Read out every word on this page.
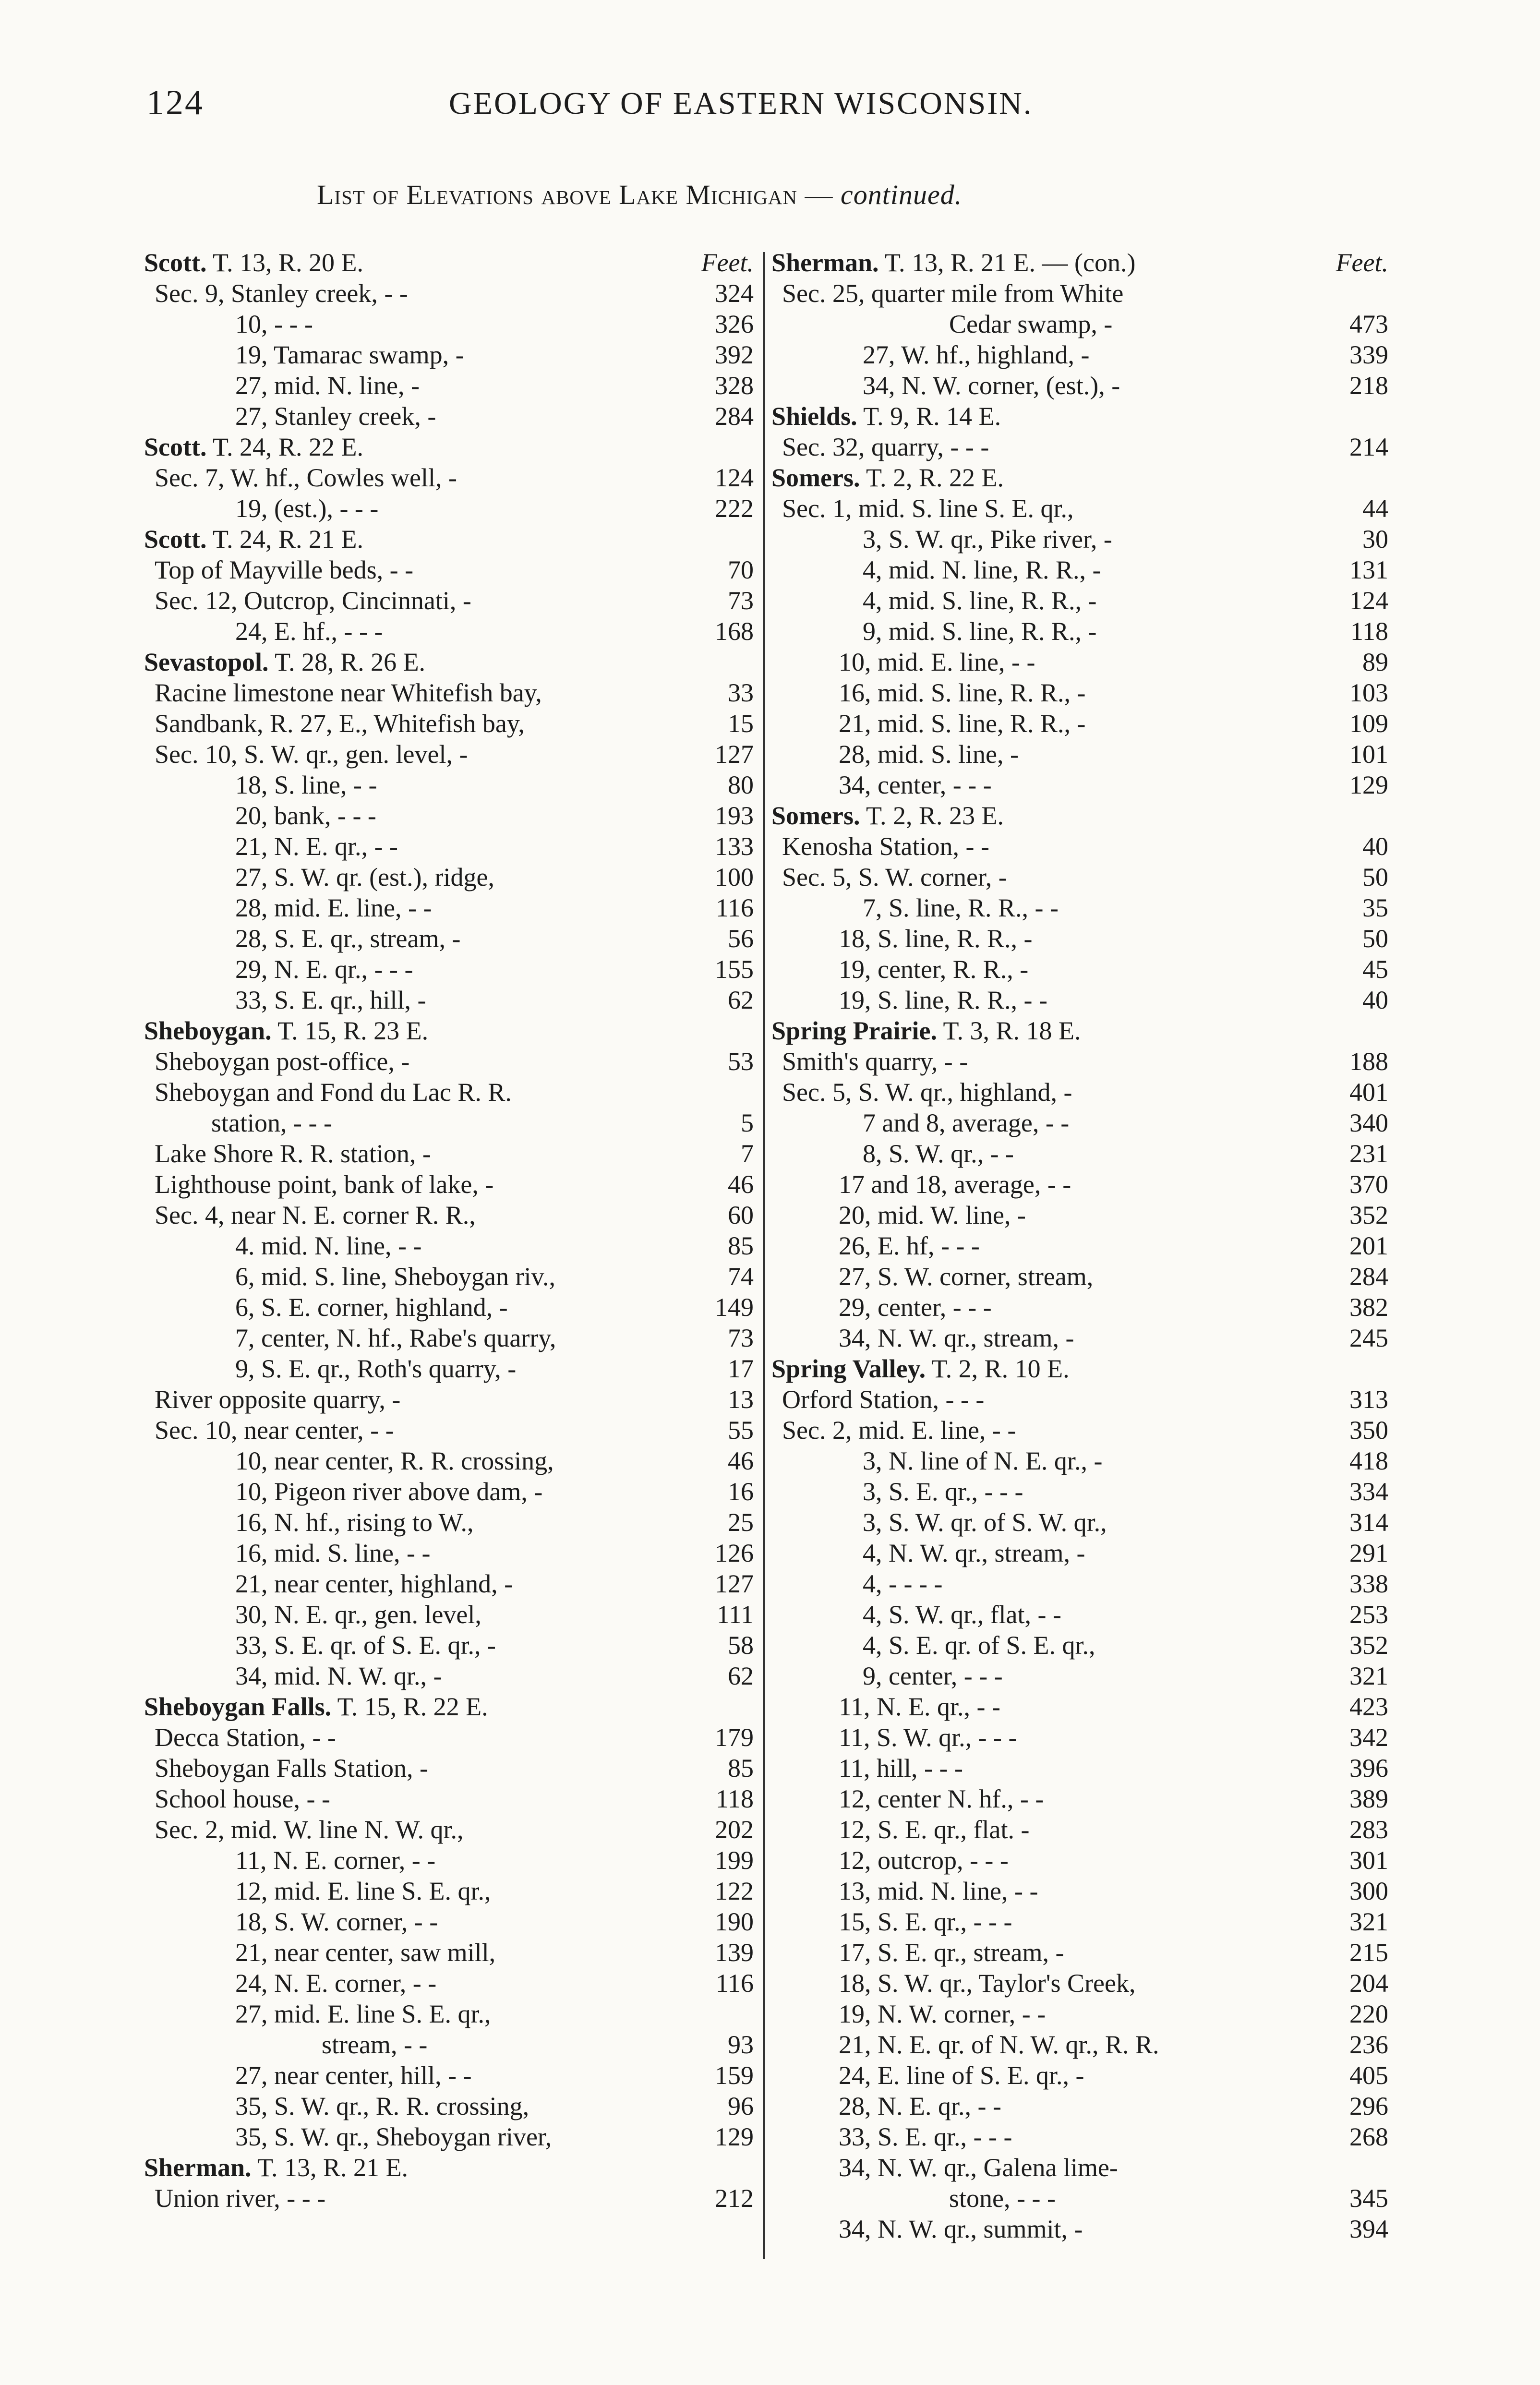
124	GEOLOGY OF EASTERN WISCONSIN.
List of Elevations above Lake Michigan — continued.
Scott. T. 13, R. 20 E.	Feet.
Sec. 9, Stanley creek, - -	324
10, - - -	326
19, Tamarac swamp, -	392
27, mid. N. line, -	328
27, Stanley creek, -	284
Scott. T. 24, R. 22 E.
Sec. 7, W. hf., Cowles well, -	124
19, (est.), - - -	222
Scott. T. 24, R. 21 E.
Top of Mayville beds, - -	70
Sec. 12, Outcrop, Cincinnati, -	73
24, E. hf., - - -	168
Sevastopol. T. 28, R. 26 E.
Racine limestone near Whitefish bay,	33
Sandbank, R. 27, E., Whitefish bay,	15
Sec. 10, S. W. qr., gen. level, -	127
18, S. line, - -	80
20, bank, - - -	193
21, N. E. qr., - -	133
27, S. W. qr. (est.), ridge,	100
28, mid. E. line, - -	116
28, S. E. qr., stream, -	56
29, N. E. qr., - - -	155
33, S. E. qr., hill, -	62
Sheboygan. T. 15, R. 23 E.
Sheboygan post-office, -	53
Sheboygan and Fond du Lac R. R.
station, - - -	5
Lake Shore R. R. station, -	7
Lighthouse point, bank of lake, -	46
Sec. 4, near N. E. corner R. R.,	60
4. mid. N. line, - -	85
6, mid. S. line, Sheboygan riv.,	74
6, S. E. corner, highland, -	149
7, center, N. hf., Rabe's quarry,	73
9, S. E. qr., Roth's quarry, -	17
River opposite quarry, -	13
Sec. 10, near center, - -	55
10, near center, R. R. crossing,	46
10, Pigeon river above dam, -	16
16, N. hf., rising to W.,	25
16, mid. S. line, - -	126
21, near center, highland, -	127
30, N. E. qr., gen. level,	111
33, S. E. qr. of S. E. qr., -	58
34, mid. N. W. qr., -	62
Sheboygan Falls. T. 15, R. 22 E.
Decca Station, - -	179
Sheboygan Falls Station, -	85
School house, - -	118
Sec. 2, mid. W. line N. W. qr.,	202
11, N. E. corner, - -	199
12, mid. E. line S. E. qr.,	122
18, S. W. corner, - -	190
21, near center, saw mill,	139
24, N. E. corner, - -	116
27, mid. E. line S. E. qr.,
stream, - -	93
27, near center, hill, - -	159
35, S. W. qr., R. R. crossing,	96
35, S. W. qr., Sheboygan river,	129
Sherman. T. 13, R. 21 E.
Union river, - - -	212
Sherman. T. 13, R. 21 E. — (con.)	Feet.
Sec. 25, quarter mile from White
Cedar swamp, -	473
27, W. hf., highland, -	339
34, N. W. corner, (est.), -	218
Shields. T. 9, R. 14 E.
Sec. 32, quarry, - - -	214
Somers. T. 2, R. 22 E.
Sec. 1, mid. S. line S. E. qr.,	44
3, S. W. qr., Pike river, -	30
4, mid. N. line, R. R., -	131
4, mid. S. line, R. R., -	124
9, mid. S. line, R. R., -	118
10, mid. E. line, - -	89
16, mid. S. line, R. R., -	103
21, mid. S. line, R. R., -	109
28, mid. S. line, -	101
34, center, - - -	129
Somers. T. 2, R. 23 E.
Kenosha Station, - -	40
Sec. 5, S. W. corner, -	50
7, S. line, R. R., - -	35
18, S. line, R. R., -	50
19, center, R. R., -	45
19, S. line, R. R., - -	40
Spring Prairie. T. 3, R. 18 E.
Smith's quarry, - -	188
Sec. 5, S. W. qr., highland, -	401
7 and 8, average, - -	340
8, S. W. qr., - -	231
17 and 18, average, - -	370
20, mid. W. line, -	352
26, E. hf, - - -	201
27, S. W. corner, stream,	284
29, center, - - -	382
34, N. W. qr., stream, -	245
Spring Valley. T. 2, R. 10 E.
Orford Station, - - -	313
Sec. 2, mid. E. line, - -	350
3, N. line of N. E. qr., -	418
3, S. E. qr., - - -	334
3, S. W. qr. of S. W. qr.,	314
4, N. W. qr., stream, -	291
4, - - - -	338
4, S. W. qr., flat, - -	253
4, S. E. qr. of S. E. qr.,	352
9, center, - - -	321
11, N. E. qr., - -	423
11, S. W. qr., - - -	342
11, hill, - - -	396
12, center N. hf., - -	389
12, S. E. qr., flat. -	283
12, outcrop, - - -	301
13, mid. N. line, - -	300
15, S. E. qr., - - -	321
17, S. E. qr., stream, -	215
18, S. W. qr., Taylor's Creek,	204
19, N. W. corner, - -	220
21, N. E. qr. of N. W. qr., R. R.	236
24, E. line of S. E. qr., -	405
28, N. E. qr., - -	296
33, S. E. qr., - - -	268
34, N. W. qr., Galena lime-
stone, - - -	345
34, N. W. qr., summit, -	394
